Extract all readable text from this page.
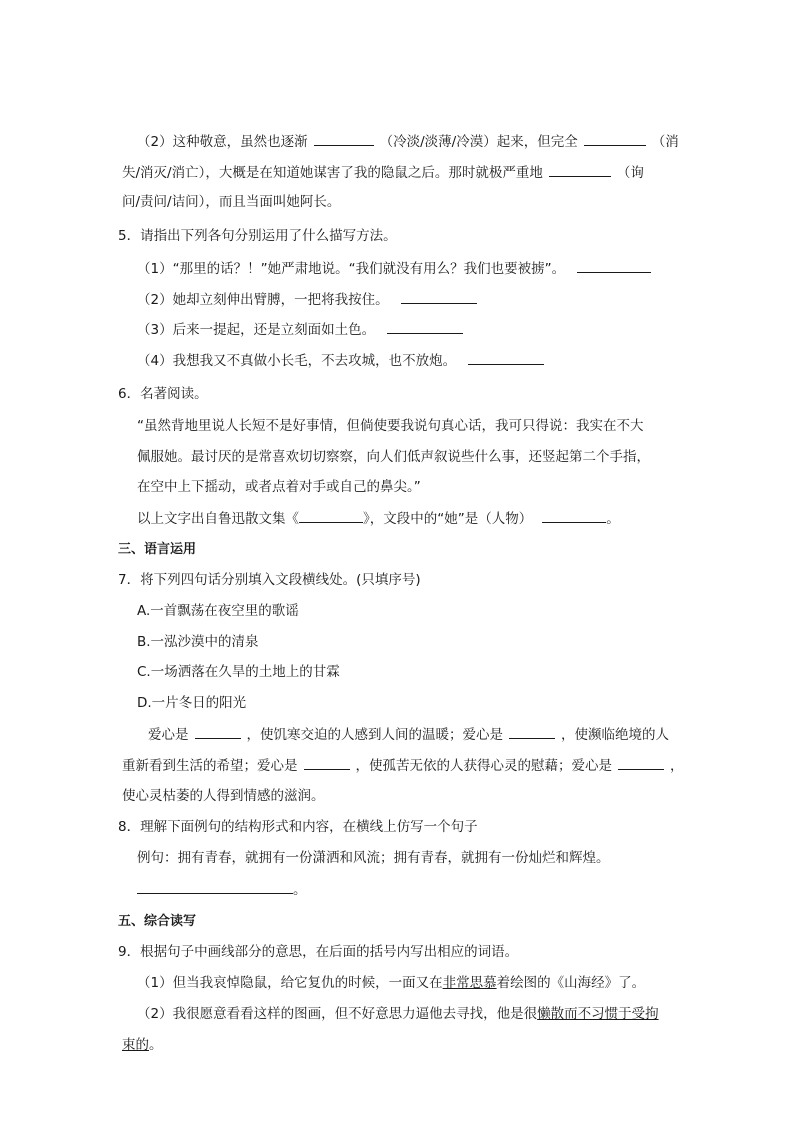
（2）这种敬意，虽然也逐渐	（冷淡/淡薄/冷漠）起来，但完全	（消
失/消灭/消亡），大概是在知道她谋害了我的隐鼠之后。那时就极严重地	（询
问/责问/诘问），而且当面叫她阿长。
5．请指出下列各句分别运用了什么描写方法。
（1）“那里的话？！”她严肃地说。“我们就没有用么？我们也要被掳”。
（2）她却立刻伸出臂膊，一把将我按住。
（3）后来一提起，还是立刻面如土色。
（4）我想我又不真做小长毛，不去攻城，也不放炮。
6．名著阅读。
“虽然背地里说人长短不是好事情，但倘使要我说句真心话，我可只得说：我实在不大
佩服她。最讨厌的是常喜欢切切察察，向人们低声叙说些什么事，还竖起第二个手指，
在空中上下摇动，或者点着对手或自己的鼻尖。”
以上文字出自鲁迅散文集《	》，文段中的“她”是（人物）	。
三、语言运用
7．将下列四句话分别填入文段横线处。(只填序号)
A.一首飘荡在夜空里的歌谣
B.一泓沙漠中的清泉
C.一场洒落在久旱的土地上的甘霖
D.一片冬日的阳光
爱心是	，使饥寒交迫的人感到人间的温暖；爱心是	，使濒临绝境的人
重新看到生活的希望；爱心是	，使孤苦无依的人获得心灵的慰藉；爱心是	，
使心灵枯萎的人得到情感的滋润。
8．理解下面例句的结构形式和内容，在横线上仿写一个句子
例句：拥有青春，就拥有一份潇洒和风流；拥有青春，就拥有一份灿烂和辉煌。
。
五、综合读写
9．根据句子中画线部分的意思，在后面的括号内写出相应的词语。
（1）但当我哀悼隐鼠，给它复仇的时候，一面又在非常思慕着绘图的《山海经》了。
（2）我很愿意看看这样的图画，但不好意思力逼他去寻找，他是很懒散而不习惯于受拘
束的。
